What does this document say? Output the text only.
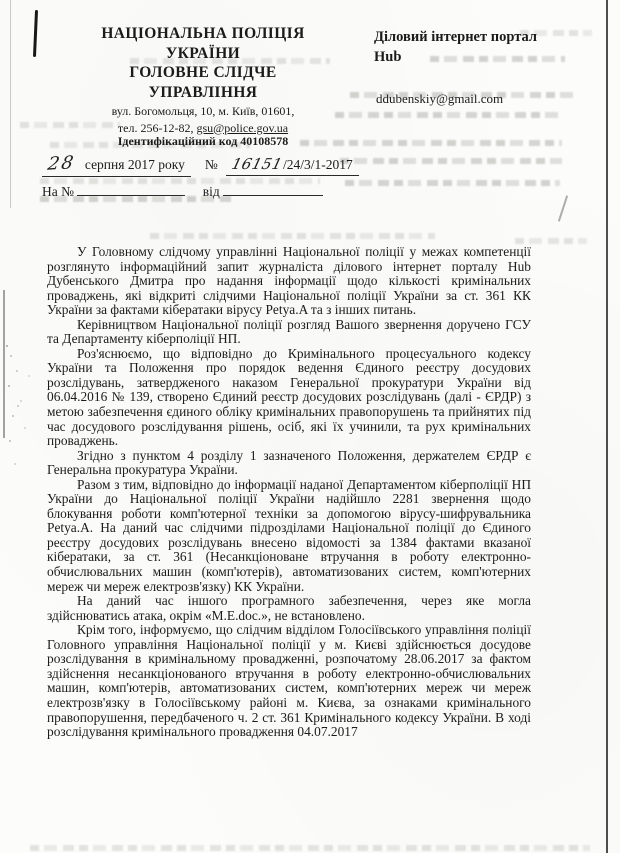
НАЦІОНАЛЬНА ПОЛІЦІЯ
УКРАЇНИ
ГОЛОВНЕ СЛІДЧЕ
УПРАВЛІННЯ
вул. Богомольця, 10, м. Київ, 01601,
тел. 256-12-82, gsu@police.gov.ua
Ідентифікаційний код 40108578
Діловий інтернет портал
Hub
ddubenskiy@gmail.com
28 серпня 2017 року № 16151/24/3/1-2017
На №	від

У Головному слідчому управлінні Національної поліції у межах компетенції розглянуто інформаційний запит журналіста ділового інтернет порталу Hub Дубенського Дмитра про надання інформації щодо кількості кримінальних проваджень, які відкриті слідчими Національної поліції України за ст. 361 КК України за фактами кібератаки вірусу Petya.A та з інших питань.

Керівництвом Національної поліції розгляд Вашого звернення доручено ГСУ та Департаменту кіберполіції НП.

Роз'яснюємо, що відповідно до Кримінального процесуального кодексу України та Положення про порядок ведення Єдиного реєстру досудових розслідувань, затвердженого наказом Генеральної прокуратури України від 06.04.2016 № 139, створено Єдиний реєстр досудових розслідувань (далі - ЄРДР) з метою забезпечення єдиного обліку кримінальних правопорушень та прийнятих під час досудового розслідування рішень, осіб, які їх учинили, та рух кримінальних проваджень.

Згідно з пунктом 4 розділу 1 зазначеного Положення, держателем ЄРДР є Генеральна прокуратура України.

Разом з тим, відповідно до інформації наданої Департаментом кіберполіції НП України до Національної поліції України надійшло 2281 звернення щодо блокування роботи комп'ютерної техніки за допомогою вірусу-шифрувальника Petya.A. На даний час слідчими підрозділами Національної поліції до Єдиного реєстру досудових розслідувань внесено відомості за 1384 фактами вказаної кібератаки, за ст. 361 (Несанкціоноване втручання в роботу електронно-обчислювальних машин (комп'ютерів), автоматизованих систем, комп'ютерних мереж чи мереж електрозв'язку) КК України.

На даний час іншого програмного забезпечення, через яке могла здійснюватись атака, окрім «М.Е.doc.», не встановлено.

Крім того, інформуємо, що слідчим відділом Голосіївського управління поліції Головного управління Національної поліції у м. Києві здійснюється досудове розслідування в кримінальному провадженні, розпочатому 28.06.2017 за фактом здійснення несанкціонованого втручання в роботу електронно-обчислювальних машин, комп'ютерів, автоматизованих систем, комп'ютерних мереж чи мереж електрозв'язку в Голосіївському районі м. Києва, за ознаками кримінального правопорушення, передбаченого ч. 2 ст. 361 Кримінального кодексу України. В ході розслідування кримінального провадження 04.07.2017
